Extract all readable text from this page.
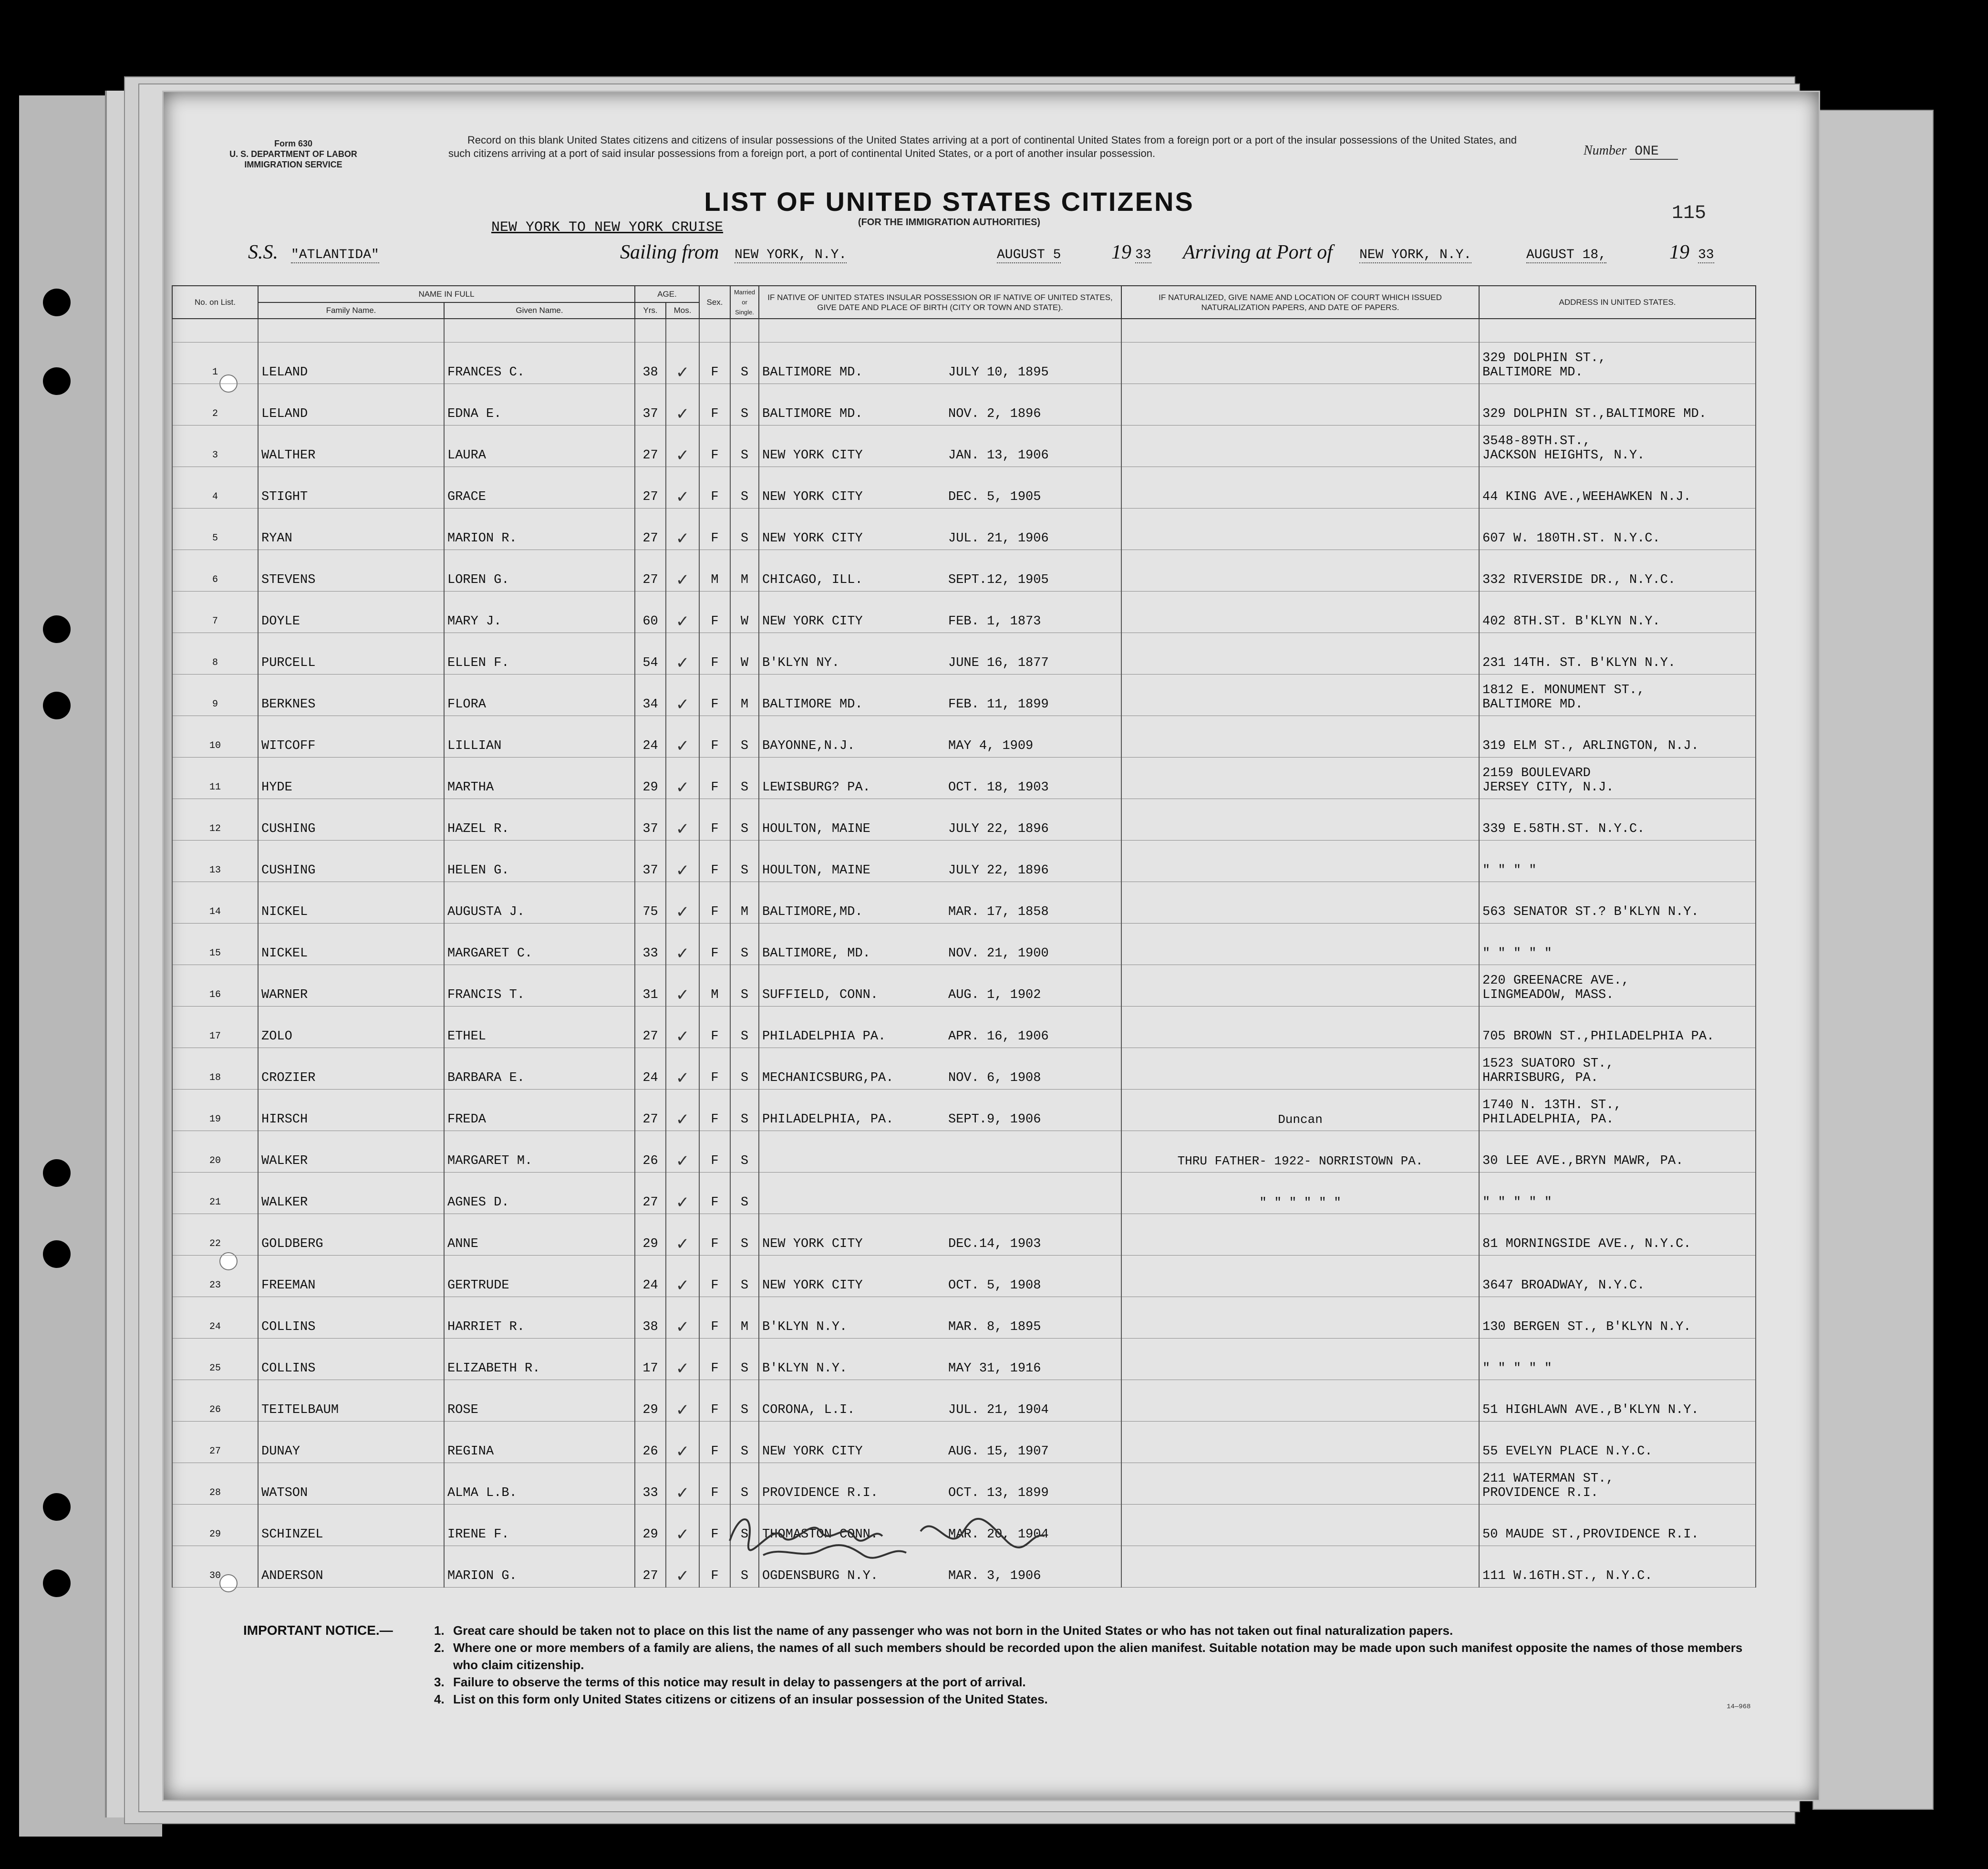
Form 630
U. S. DEPARTMENT OF LABOR
IMMIGRATION SERVICE
Record on this blank United States citizens and citizens of insular possessions of the United States arriving at a port of continental United States from a foreign port or a port of the insular possessions of the United States, and such citizens arriving at a port of said insular possessions from a foreign port, a port of continental United States, or a port of another insular possession.	Number ONE
LIST OF UNITED STATES CITIZENS
(FOR THE IMMIGRATION AUTHORITIES)	115
NEW YORK TO NEW YORK CRUISE
S.S. "ATLANTIDA"	Sailing from NEW YORK, N.Y.	AUGUST 5	19 33 Arriving at Port of NEW YORK, N.Y.	AUGUST 18,	19 33
No. on List.	NAME IN FULL		AGE.		Sex.	Married or Single.	IF NATIVE OF UNITED STATES INSULAR POSSESSION OR IF NATIVE OF UNITED STATES, GIVE DATE AND PLACE OF BIRTH (CITY OR TOWN AND STATE).	IF NATURALIZED, GIVE NAME AND LOCATION OF COURT WHICH ISSUED NATURALIZATION PAPERS, AND DATE OF PAPERS.	ADDRESS IN UNITED STATES.
	Family Name.	Given Name.	Yrs.	Mos.					

1	LELAND	FRANCES C.	38	✓	F	S	BALTIMORE MD. JULY 10, 1895		329 DOLPHIN ST.,
BALTIMORE MD.

2	LELAND	EDNA E.	37	✓	F	S	BALTIMORE MD. NOV. 2, 1896		329 DOLPHIN ST.,BALTIMORE MD.

3	WALTHER	LAURA	27	✓	F	S	NEW YORK CITY JAN. 13, 1906		3548-89TH.ST.,
JACKSON HEIGHTS, N.Y.

4	STIGHT	GRACE	27	✓	F	S	NEW YORK CITY DEC. 5, 1905		44 KING AVE.,WEEHAWKEN N.J.

5	RYAN	MARION R.	27	✓	F	S	NEW YORK CITY JUL. 21, 1906		607 W. 180TH.ST. N.Y.C.

6	STEVENS	LOREN G.	27	✓	M	M	CHICAGO, ILL. SEPT.12, 1905		332 RIVERSIDE DR., N.Y.C.

7	DOYLE	MARY J.	60	✓	F	W	NEW YORK CITY FEB. 1, 1873		402 8TH.ST. B'KLYN N.Y.

8	PURCELL	ELLEN F.	54	✓	F	W	B'KLYN NY. JUNE 16, 1877		231 14TH. ST. B'KLYN N.Y.

9	BERKNES	FLORA	34	✓	F	M	BALTIMORE MD. FEB. 11, 1899		1812 E. MONUMENT ST.,
BALTIMORE MD.

10	WITCOFF	LILLIAN	24	✓	F	S	BAYONNE,N.J. MAY 4, 1909		319 ELM ST., ARLINGTON, N.J.

11	HYDE	MARTHA	29	✓	F	S	LEWISBURG? PA. OCT. 18, 1903		2159 BOULEVARD
JERSEY CITY, N.J.

12	CUSHING	HAZEL R.	37	✓	F	S	HOULTON, MAINE JULY 22, 1896		339 E.58TH.ST. N.Y.C.

13	CUSHING	HELEN G.	37	✓	F	S	HOULTON, MAINE JULY 22, 1896		" " " "

14	NICKEL	AUGUSTA J.	75	✓	F	M	BALTIMORE,MD. MAR. 17, 1858		563 SENATOR ST.? B'KLYN N.Y.

15	NICKEL	MARGARET C.	33	✓	F	S	BALTIMORE, MD. NOV. 21, 1900		" " " " "

16	WARNER	FRANCIS T.	31	✓	M	S	SUFFIELD, CONN. AUG. 1, 1902		220 GREENACRE AVE.,
LINGMEADOW, MASS.

17	ZOLO	ETHEL	27	✓	F	S	PHILADELPHIA PA. APR. 16, 1906		705 BROWN ST.,PHILADELPHIA PA.

18	CROZIER	BARBARA E.	24	✓	F	S	MECHANICSBURG,PA. NOV. 6, 1908		1523 SUATORO ST.,
HARRISBURG, PA.

19	HIRSCH	FREDA	27	✓	F	S	PHILADELPHIA, PA. SEPT.9, 1906	Duncan	1740 N. 13TH. ST.,
PHILADELPHIA, PA.

20	WALKER	MARGARET M.	26	✓	F	S		THRU FATHER- 1922- NORRISTOWN PA.	30 LEE AVE.,BRYN MAWR, PA.

21	WALKER	AGNES D.	27	✓	F	S		" " " " " "	" " " " "

22	GOLDBERG	ANNE	29	✓	F	S	NEW YORK CITY DEC.14, 1903		81 MORNINGSIDE AVE., N.Y.C.

23	FREEMAN	GERTRUDE	24	✓	F	S	NEW YORK CITY OCT. 5, 1908		3647 BROADWAY, N.Y.C.

24	COLLINS	HARRIET R.	38	✓	F	M	B'KLYN N.Y. MAR. 8, 1895		130 BERGEN ST., B'KLYN N.Y.

25	COLLINS	ELIZABETH R.	17	✓	F	S	B'KLYN N.Y. MAY 31, 1916		" " " " "

26	TEITELBAUM	ROSE	29	✓	F	S	CORONA, L.I. JUL. 21, 1904		51 HIGHLAWN AVE.,B'KLYN N.Y.

27	DUNAY	REGINA	26	✓	F	S	NEW YORK CITY AUG. 15, 1907		55 EVELYN PLACE N.Y.C.

28	WATSON	ALMA L.B.	33	✓	F	S	PROVIDENCE R.I. OCT. 13, 1899		211 WATERMAN ST.,
PROVIDENCE R.I.

29	SCHINZEL	IRENE F.	29	✓	F	S	THOMASTON CONN. MAR. 20, 1904		50 MAUDE ST.,PROVIDENCE R.I.

30	ANDERSON	MARION G.	27	✓	F	S	OGDENSBURG N.Y. MAR. 3, 1906		111 W.16TH.ST., N.Y.C.
IMPORTANT NOTICE.—	1. Great care should be taken not to place on this list the name of any passenger who was not born in the United States or who has not taken out final naturalization papers.
2. Where one or more members of a family are aliens, the names of all such members should be recorded upon the alien manifest. Suitable notation may be made upon such manifest opposite the names of those members who claim citizenship.
3. Failure to observe the terms of this notice may result in delay to passengers at the port of arrival.
4. List on this form only United States citizens or citizens of an insular possession of the United States.
14—968
